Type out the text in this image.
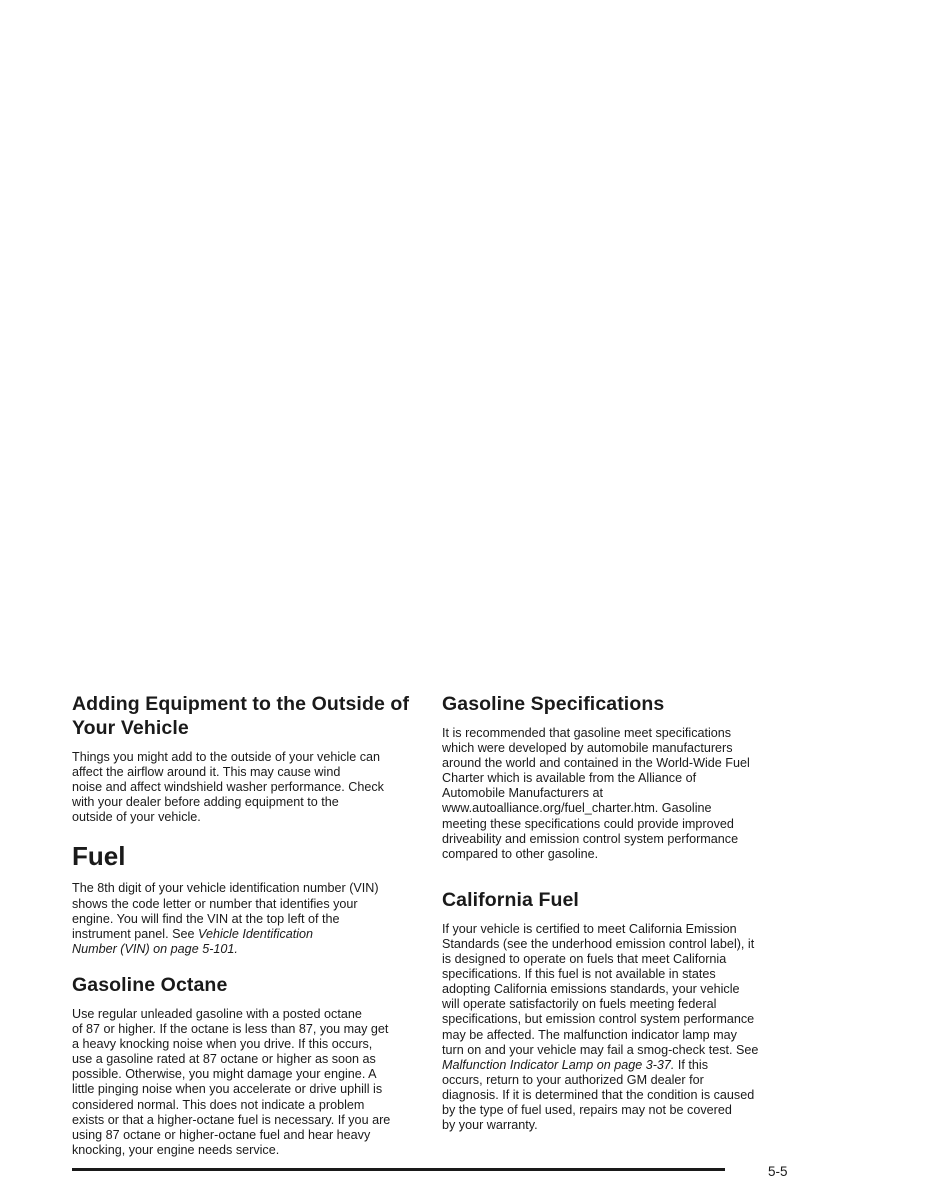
Adding Equipment to the Outside of
Your Vehicle

Things you might add to the outside of your vehicle can
affect the airflow around it. This may cause wind
noise and affect windshield washer performance. Check
with your dealer before adding equipment to the
outside of your vehicle.

Fuel

The 8th digit of your vehicle identification number (VIN)
shows the code letter or number that identifies your
engine. You will find the VIN at the top left of the
instrument panel. See Vehicle Identification
Number (VIN) on page 5-101.

Gasoline Octane

Use regular unleaded gasoline with a posted octane
of 87 or higher. If the octane is less than 87, you may get
a heavy knocking noise when you drive. If this occurs,
use a gasoline rated at 87 octane or higher as soon as
possible. Otherwise, you might damage your engine. A
little pinging noise when you accelerate or drive uphill is
considered normal. This does not indicate a problem
exists or that a higher-octane fuel is necessary. If you are
using 87 octane or higher-octane fuel and hear heavy
knocking, your engine needs service.

Gasoline Specifications

It is recommended that gasoline meet specifications
which were developed by automobile manufacturers
around the world and contained in the World-Wide Fuel
Charter which is available from the Alliance of
Automobile Manufacturers at
www.autoalliance.org/fuel_charter.htm. Gasoline
meeting these specifications could provide improved
driveability and emission control system performance
compared to other gasoline.

California Fuel

If your vehicle is certified to meet California Emission
Standards (see the underhood emission control label), it
is designed to operate on fuels that meet California
specifications. If this fuel is not available in states
adopting California emissions standards, your vehicle
will operate satisfactorily on fuels meeting federal
specifications, but emission control system performance
may be affected. The malfunction indicator lamp may
turn on and your vehicle may fail a smog-check test. See
Malfunction Indicator Lamp on page 3-37. If this
occurs, return to your authorized GM dealer for
diagnosis. If it is determined that the condition is caused
by the type of fuel used, repairs may not be covered
by your warranty.

5-5
